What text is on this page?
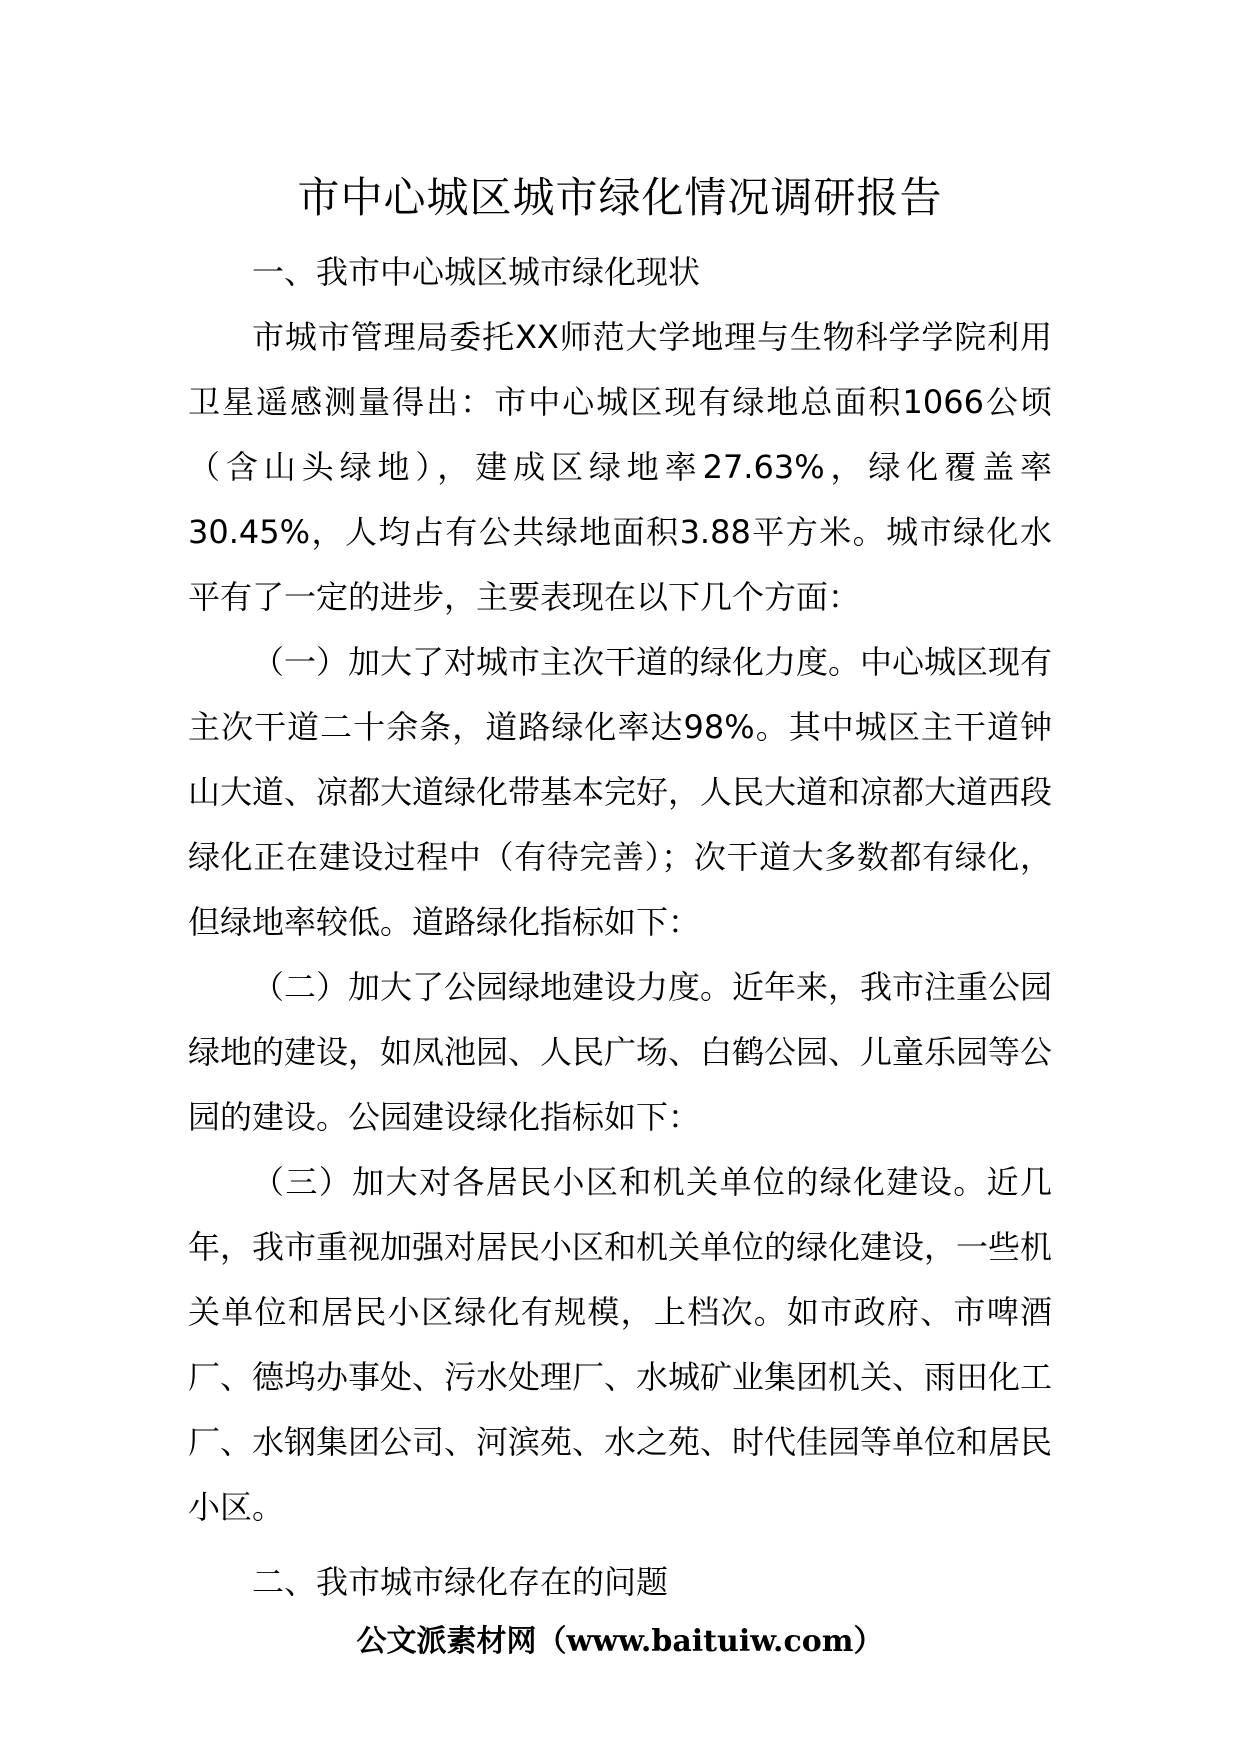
市中心城区城市绿化情况调研报告

一、我市中心城区城市绿化现状

市城市管理局委托XX师范大学地理与生物科学学院利用卫星遥感测量得出：市中心城区现有绿地总面积1066公顷（含山头绿地），建成区绿地率27.63%，绿化覆盖率30.45%，人均占有公共绿地面积3.88平方米。城市绿化水平有了一定的进步，主要表现在以下几个方面：

（一）加大了对城市主次干道的绿化力度。中心城区现有主次干道二十余条，道路绿化率达98%。其中城区主干道钟山大道、凉都大道绿化带基本完好，人民大道和凉都大道西段绿化正在建设过程中（有待完善）；次干道大多数都有绿化，但绿地率较低。道路绿化指标如下：

（二）加大了公园绿地建设力度。近年来，我市注重公园绿地的建设，如凤池园、人民广场、白鹤公园、儿童乐园等公园的建设。公园建设绿化指标如下：

（三）加大对各居民小区和机关单位的绿化建设。近几年，我市重视加强对居民小区和机关单位的绿化建设，一些机关单位和居民小区绿化有规模，上档次。如市政府、市啤酒厂、德坞办事处、污水处理厂、水城矿业集团机关、雨田化工厂、水钢集团公司、河滨苑、水之苑、时代佳园等单位和居民小区。

二、我市城市绿化存在的问题

公文派素材网（www.baituiw.com）
